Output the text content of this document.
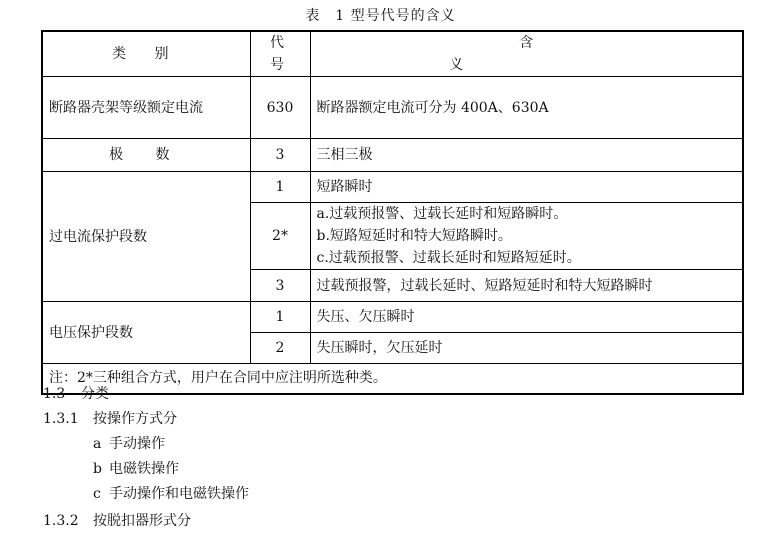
表　1 型号代号的含义
类 别	代 号	含 义
断路器壳架等级额定电流	630	断路器额定电流可分为 400A、630A
极 数	3	三相三极
过电流保护段数	1	短路瞬时
	2*	a.过载预报警、过载长延时和短路瞬时。
b.短路短延时和特大短路瞬时。
c.过载预报警、过载长延时和短路短延时。

	3	过载预报警，过载长延时、短路短延时和特大短路瞬时
电压保护段数	1	失压、欠压瞬时
	2	失压瞬时，欠压延时
注：2*三种组合方式，用户在合同中应注明所选种类。		
1.3 分类
1.3.1 按操作方式分
a 手动操作
b 电磁铁操作
c 手动操作和电磁铁操作
1.3.2 按脱扣器形式分
